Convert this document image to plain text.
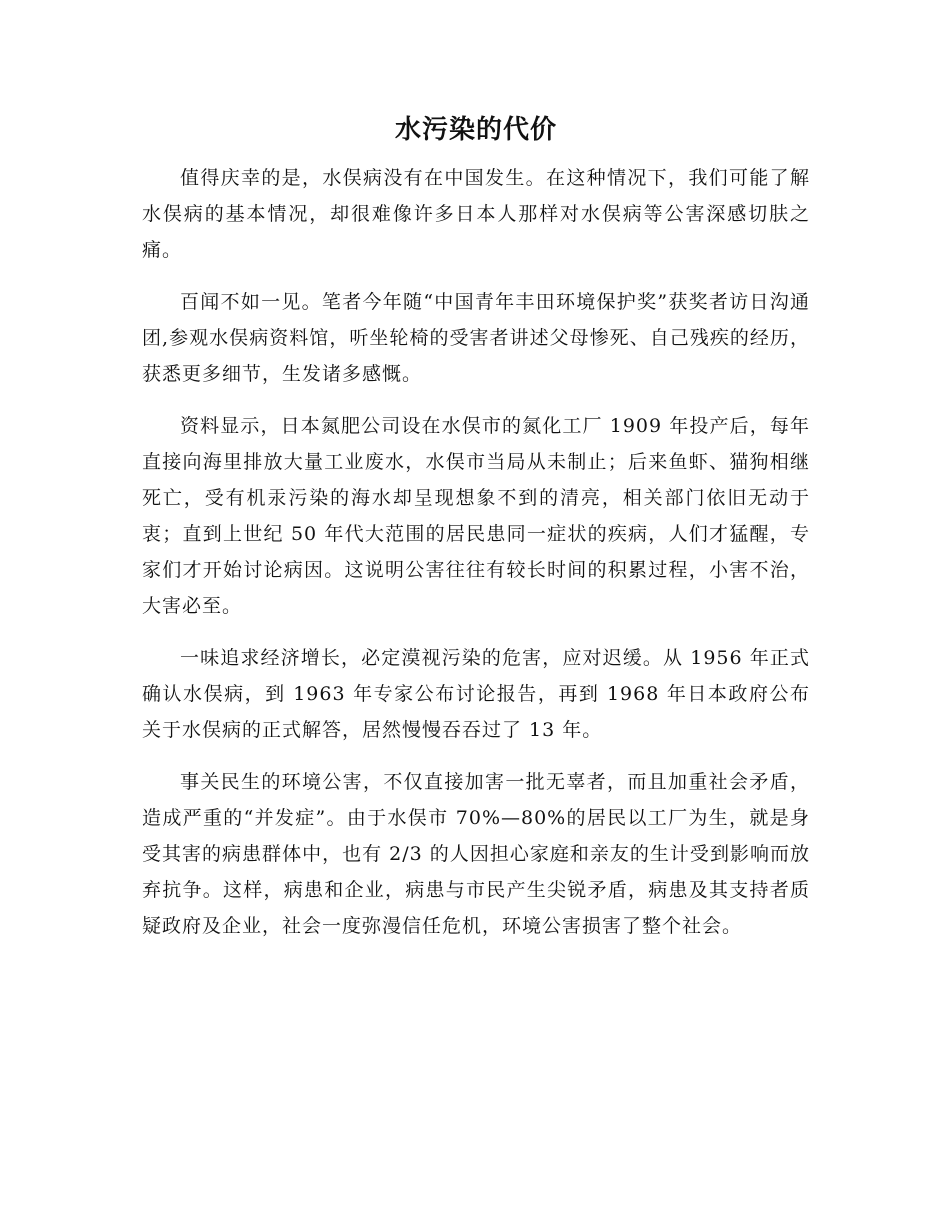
水污染的代价

值得庆幸的是，水俣病没有在中国发生。在这种情况下，我们可能了解水俣病的基本情况，却很难像许多日本人那样对水俣病等公害深感切肤之痛。

百闻不如一见。笔者今年随“中国青年丰田环境保护奖”获奖者访日沟通团,参观水俣病资料馆，听坐轮椅的受害者讲述父母惨死、自己残疾的经历，获悉更多细节，生发诸多感慨。

资料显示，日本氮肥公司设在水俣市的氮化工厂 1909 年投产后，每年直接向海里排放大量工业废水，水俣市当局从未制止；后来鱼虾、猫狗相继死亡，受有机汞污染的海水却呈现想象不到的清亮，相关部门依旧无动于衷；直到上世纪 50 年代大范围的居民患同一症状的疾病，人们才猛醒，专家们才开始讨论病因。这说明公害往往有较长时间的积累过程，小害不治，大害必至。

一味追求经济增长，必定漠视污染的危害，应对迟缓。从 1956 年正式确认水俣病，到 1963 年专家公布讨论报告，再到 1968 年日本政府公布关于水俣病的正式解答，居然慢慢吞吞过了 13 年。

事关民生的环境公害，不仅直接加害一批无辜者，而且加重社会矛盾，造成严重的“并发症”。由于水俣市 70%—80%的居民以工厂为生，就是身受其害的病患群体中，也有 2/3 的人因担心家庭和亲友的生计受到影响而放弃抗争。这样，病患和企业，病患与市民产生尖锐矛盾，病患及其支持者质疑政府及企业，社会一度弥漫信任危机，环境公害损害了整个社会。
